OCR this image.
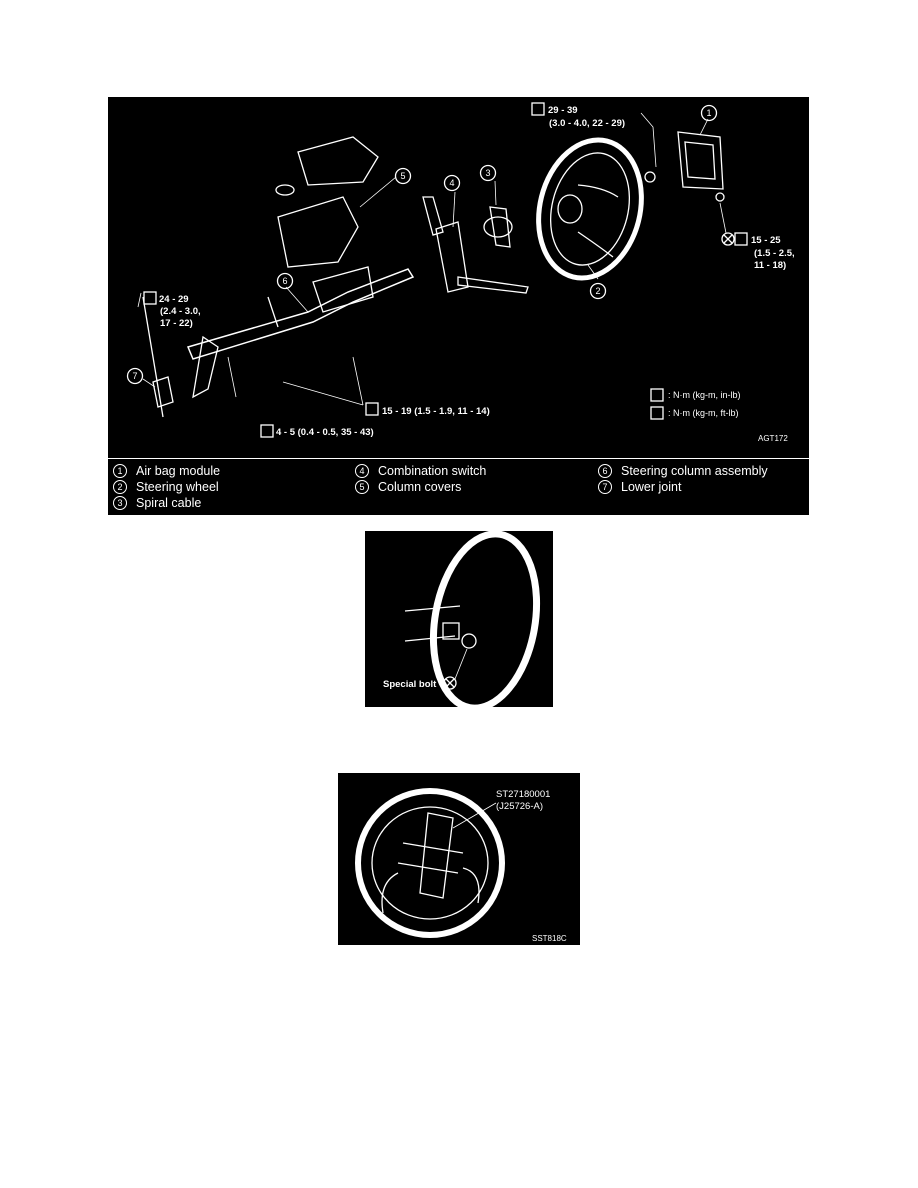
1
2
3
4
5
6
7
29 - 39
(3.0 - 4.0, 22 - 29)
15 - 25
(1.5 - 2.5,
11 - 18)
24 - 29
(2.4 - 3.0,
17 - 22)
15 - 19 (1.5 - 1.9, 11 - 14)
4 - 5 (0.4 - 0.5, 35 - 43)
: N·m (kg-m, in-lb)
: N·m (kg-m, ft-lb)
AGT172
1	Air bag module
2	Steering wheel
3	Spiral cable
4	Combination switch
5	Column covers
6	Steering column assembly
7	Lower joint
Special bolt
ST27180001
(J25726-A)
SST818C
